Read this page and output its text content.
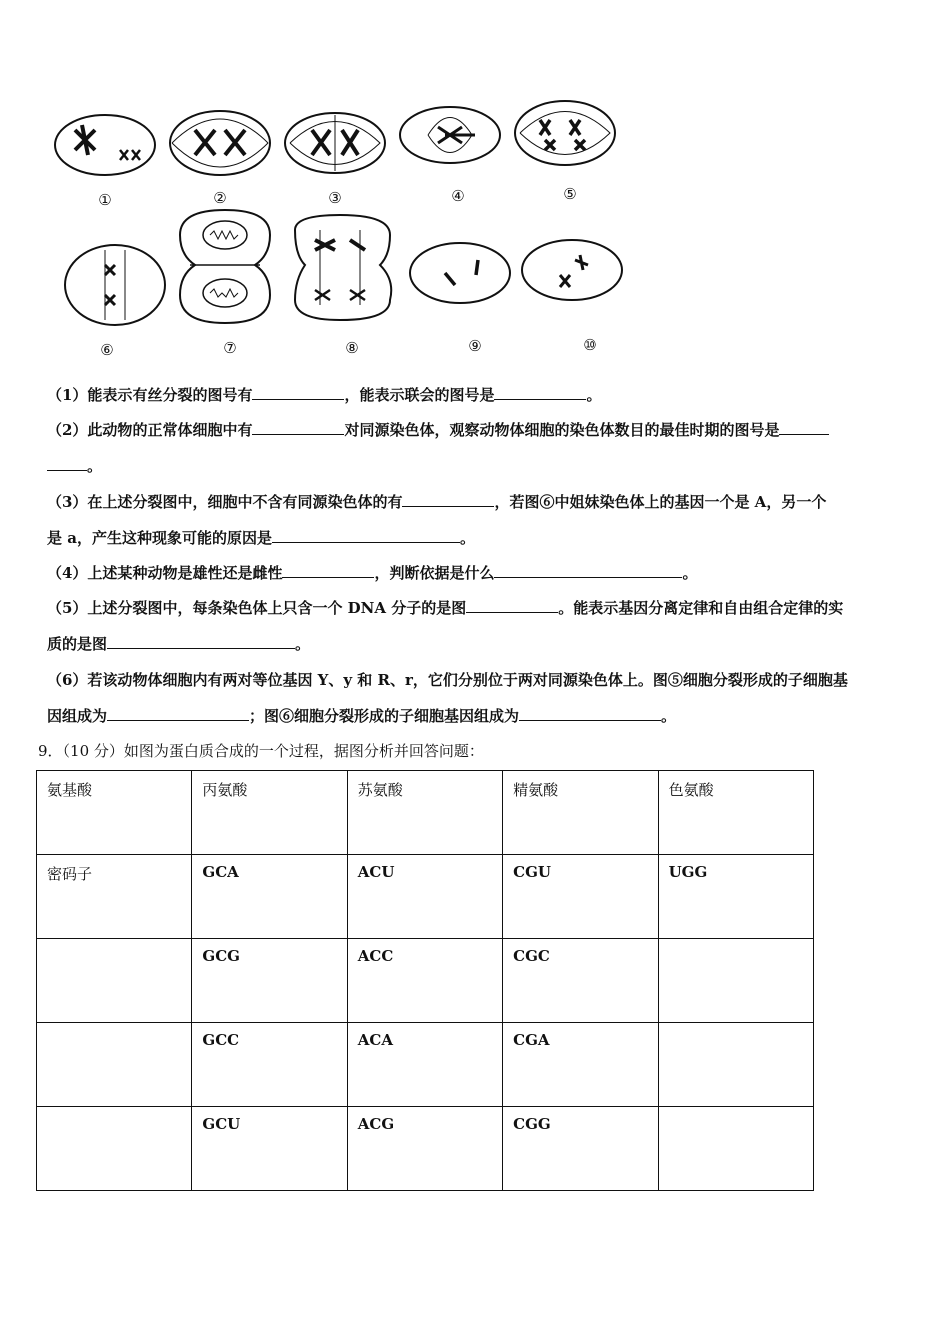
①	②	③	④	⑤
⑥	⑦	⑧	⑨	⑩
（1）能表示有丝分裂的图号有	，能表示联会的图号是	。
（2）此动物的正常体细胞中有	对同源染色体，观察动物体细胞的染色体数目的最佳时期的图号是
。
（3）在上述分裂图中，细胞中不含有同源染色体的有	，若图⑥中姐妹染色体上的基因一个是 A，另一个
是 a，产生这种现象可能的原因是	。
（4）上述某种动物是雄性还是雌性	，判断依据是什么	。
（5）上述分裂图中，每条染色体上只含一个 DNA 分子的是图	。能表示基因分离定律和自由组合定律的实
质的是图	。
（6）若该动物体细胞内有两对等位基因 Y、y 和 R、r，它们分别位于两对同源染色体上。图⑤细胞分裂形成的子细胞基
因组成为	；图⑥细胞分裂形成的子细胞基因组成为	。
9．（10 分）如图为蛋白质合成的一个过程，据图分析并回答问题：
氨基酸	丙氨酸	苏氨酸	精氨酸	色氨酸
密码子	GCA	ACU	CGU	UGG
	GCG	ACC	CGC	
	GCC	ACA	CGA	
	GCU	ACG	CGG	
